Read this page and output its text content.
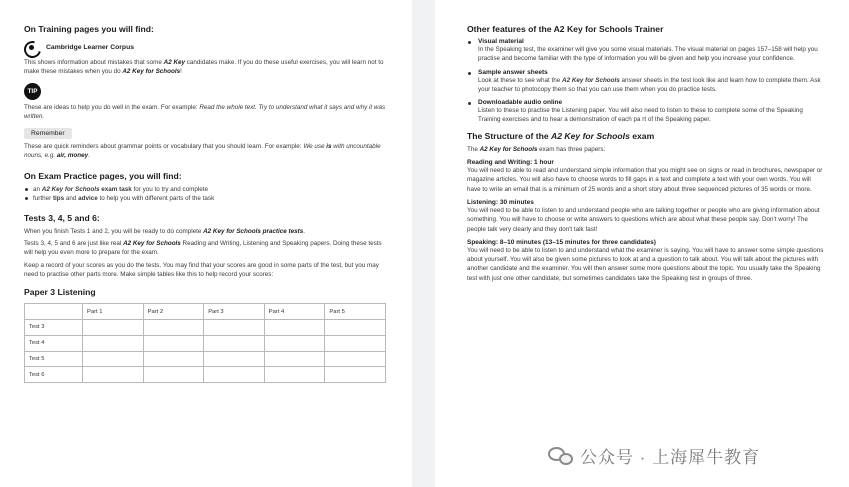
On Training pages you will find:
Cambridge Learner Corpus

This shows information about mistakes that some A2 Key candidates make. If you do these useful exercises, you will learn not to make these mistakes when you do A2 Key for Schools!

TIP

These are ideas to help you do well in the exam. For example: Read the whole text. Try to understand what it says and why it was written.

Remember

These are quick reminders about grammar points or vocabulary that you should learn. For example: We use is with uncountable nouns, e.g. air, money.

On Exam Practice pages, you will find:
an A2 Key for Schools exam task for you to try and complete
further tips and advice to help you with different parts of the task
Tests 3, 4, 5 and 6:

When you finish Tests 1 and 2, you will be ready to do complete A2 Key for Schools practice tests.

Tests 3, 4, 5 and 6 are just like real A2 Key for Schools Reading and Writing, Listening and Speaking papers. Doing these tests will help you even more to prepare for the exam.

Keep a record of your scores as you do the tests. You may find that your scores are good in some parts of the test, but you may need to practise other parts more. Make simple tables like this to help record your scores:

Paper 3 Listening
	Part 1	Part 2	Part 3	Part 4	Part 5
Test 3					
Test 4					
Test 5					
Test 6					
Other features of the A2 Key for Schools Trainer
Visual material
In the Speaking test, the examiner will give you some visual materials. The visual material on pages 157–158 will help you practise and become familiar with the type of information you will be given and help you increase your confidence.
Sample answer sheets
Look at these to see what the A2 Key for Schools answer sheets in the test look like and learn how to complete them. Ask your teacher to photocopy them so that you can use them when you do practice tests.
Downloadable audio online
Listen to these to practise the Listening paper. You will also need to listen to these to complete some of the Speaking Training exercises and to hear a demonstration of each pa rt of the Speaking paper.
The Structure of the A2 Key for Schools exam

The A2 Key for Schools exam has three papers:

Reading and Writing: 1 hour

You will need to able to read and understand simple information that you might see on signs or read in brochures, newspaper or magazine articles. You will also have to choose words to fill gaps in a text and complete a text with your own words. You will have to write an email that is a minimum of 25 words and a short story about three sequenced pictures of 35 words or more.

Listening: 30 minutes

You will need to be able to listen to and understand people who are talking together or people who are giving information about something. You will have to choose or write answers to questions which are about what these people say. Don't worry! The people talk very clearly and they don't talk fast!

Speaking: 8–10 minutes (13–15 minutes for three candidates)

You will need to be able to listen to and understand what the examiner is saying. You will have to answer some simple questions about yourself. You will also be given some pictures to look at and a question to talk about. You will talk about the pictures with another candidate and the examiner. You will then answer some more questions about the topic. You usually take the Speaking test with just one other candidate, but sometimes candidates take the Speaking test in groups of three.

公众号 · 上海犀牛教育
